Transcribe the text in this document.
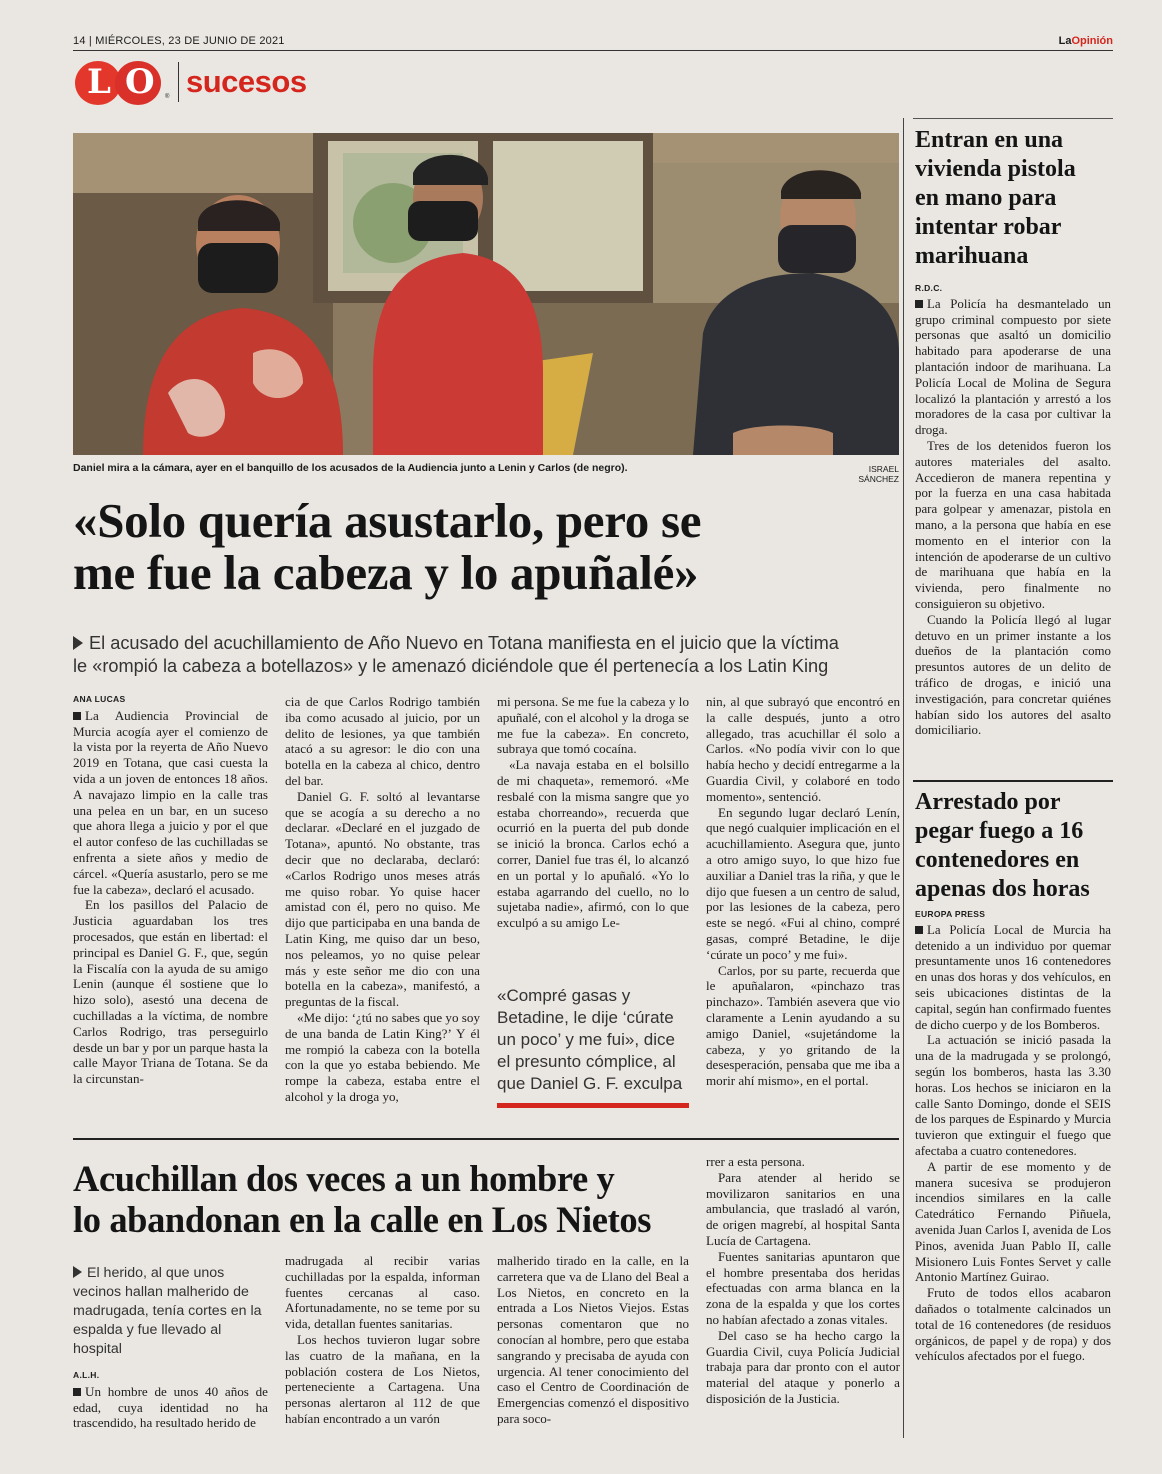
14 | MIÉRCOLES, 23 DE JUNIO DE 2021	LaOpinión
L O ® sucesos
Daniel mira a la cámara, ayer en el banquillo de los acusados de la Audiencia junto a Lenin y Carlos (de negro).	ISRAEL SÁNCHEZ
«Solo quería asustarlo, pero se
me fue la cabeza y lo apuñalé»
El acusado del acuchillamiento de Año Nuevo en Totana manifiesta en el juicio que la víctima
le «rompió la cabeza a botellazos» y le amenazó diciéndole que él pertenecía a los Latin King
ANA LUCAS

La Audiencia Provincial de Murcia acogía ayer el comienzo de la vista por la reyerta de Año Nuevo 2019 en Totana, que casi cuesta la vida a un joven de entonces 18 años. A navajazo limpio en la calle tras una pelea en un bar, en un suceso que ahora llega a juicio y por el que el autor confeso de las cuchilladas se enfrenta a siete años y medio de cárcel. «Quería asustarlo, pero se me fue la cabeza», declaró el acusado.

En los pasillos del Palacio de Justicia aguardaban los tres procesados, que están en libertad: el principal es Daniel G. F., que, según la Fiscalía con la ayuda de su amigo Lenin (aunque él sostiene que lo hizo solo), asestó una decena de cuchilladas a la víctima, de nombre Carlos Rodrigo, tras perseguirlo desde un bar y por un parque hasta la calle Mayor Triana de Totana. Se da la circunstan-

cia de que Carlos Rodrigo también iba como acusado al juicio, por un delito de lesiones, ya que también atacó a su agresor: le dio con una botella en la cabeza al chico, dentro del bar.

Daniel G. F. soltó al levantarse que se acogía a su derecho a no declarar. «Declaré en el juzgado de Totana», apuntó. No obstante, tras decir que no declaraba, declaró: «Carlos Rodrigo unos meses atrás me quiso robar. Yo quise hacer amistad con él, pero no quiso. Me dijo que participaba en una banda de Latin King, me quiso dar un beso, nos peleamos, yo no quise pelear más y este señor me dio con una botella en la cabeza», manifestó, a preguntas de la fiscal.

«Me dijo: ‘¿tú no sabes que yo soy de una banda de Latin King?’ Y él me rompió la cabeza con la botella con la que yo estaba bebiendo. Me rompe la cabeza, estaba entre el alcohol y la droga yo,

mi persona. Se me fue la cabeza y lo apuñalé, con el alcohol y la droga se me fue la cabeza». En concreto, subraya que tomó cocaína.

«La navaja estaba en el bolsillo de mi chaqueta», rememoró. «Me resbalé con la misma sangre que yo estaba chorreando», recuerda que ocurrió en la puerta del pub donde se inició la bronca. Carlos echó a correr, Daniel fue tras él, lo alcanzó en un portal y lo apuñaló. «Yo lo estaba agarrando del cuello, no lo sujetaba nadie», afirmó, con lo que exculpó a su amigo Le-

«Compré gasas y Betadine, le dije ‘cúrate un poco’ y me fui», dice el presunto cómplice, al que Daniel G. F. exculpa

nin, al que subrayó que encontró en la calle después, junto a otro allegado, tras acuchillar él solo a Carlos. «No podía vivir con lo que había hecho y decidí entregarme a la Guardia Civil, y colaboré en todo momento», sentenció.

En segundo lugar declaró Lenín, que negó cualquier implicación en el acuchillamiento. Asegura que, junto a otro amigo suyo, lo que hizo fue auxiliar a Daniel tras la riña, y que le dijo que fuesen a un centro de salud, por las lesiones de la cabeza, pero este se negó. «Fui al chino, compré gasas, compré Betadine, le dije ‘cúrate un poco’ y me fui».

Carlos, por su parte, recuerda que le apuñalaron, «pinchazo tras pinchazo». También asevera que vio claramente a Lenin ayudando a su amigo Daniel, «sujetándome la cabeza, y yo gritando de la desesperación, pensaba que me iba a morir ahí mismo», en el portal.

Entran en una vivienda pistola en mano para intentar robar marihuana
R.D.C.

La Policía ha desmantelado un grupo criminal compuesto por siete personas que asaltó un domicilio habitado para apoderarse de una plantación indoor de marihuana. La Policía Local de Molina de Segura localizó la plantación y arrestó a los moradores de la casa por cultivar la droga.

Tres de los detenidos fueron los autores materiales del asalto. Accedieron de manera repentina y por la fuerza en una casa habitada para golpear y amenazar, pistola en mano, a la persona que había en ese momento en el interior con la intención de apoderarse de un cultivo de marihuana que había en la vivienda, pero finalmente no consiguieron su objetivo.

Cuando la Policía llegó al lugar detuvo en un primer instante a los dueños de la plantación como presuntos autores de un delito de tráfico de drogas, e inició una investigación, para concretar quiénes habían sido los autores del asalto domiciliario.

Arrestado por pegar fuego a 16 contenedores en apenas dos horas
EUROPA PRESS

La Policía Local de Murcia ha detenido a un individuo por quemar presuntamente unos 16 contenedores en unas dos horas y dos vehículos, en seis ubicaciones distintas de la capital, según han confirmado fuentes de dicho cuerpo y de los Bomberos.

La actuación se inició pasada la una de la madrugada y se prolongó, según los bomberos, hasta las 3.30 horas. Los hechos se iniciaron en la calle Santo Domingo, donde el SEIS de los parques de Espinardo y Murcia tuvieron que extinguir el fuego que afectaba a cuatro contenedores.

A partir de ese momento y de manera sucesiva se produjeron incendios similares en la calle Catedrático Fernando Piñuela, avenida Juan Carlos I, avenida de Los Pinos, avenida Juan Pablo II, calle Misionero Luis Fontes Servet y calle Antonio Martínez Guirao.

Fruto de todos ellos acabaron dañados o totalmente calcinados un total de 16 contenedores (de residuos orgánicos, de papel y de ropa) y dos vehículos afectados por el fuego.

Acuchillan dos veces a un hombre y
lo abandonan en la calle en Los Nietos
El herido, al que unos vecinos hallan malherido de madrugada, tenía cortes en la espalda y fue llevado al hospital
A.L.H.

Un hombre de unos 40 años de edad, cuya identidad no ha trascendido, ha resultado herido de

madrugada al recibir varias cuchilladas por la espalda, informan fuentes cercanas al caso. Afortunadamente, no se teme por su vida, detallan fuentes sanitarias.

Los hechos tuvieron lugar sobre las cuatro de la mañana, en la población costera de Los Nietos, perteneciente a Cartagena. Una personas alertaron al 112 de que habían encontrado a un varón

malherido tirado en la calle, en la carretera que va de Llano del Beal a Los Nietos, en concreto en la entrada a Los Nietos Viejos. Estas personas comentaron que no conocían al hombre, pero que estaba sangrando y precisaba de ayuda con urgencia. Al tener conocimiento del caso el Centro de Coordinación de Emergencias comenzó el dispositivo para soco-

rrer a esta persona.

Para atender al herido se movilizaron sanitarios en una ambulancia, que trasladó al varón, de origen magrebí, al hospital Santa Lucía de Cartagena.

Fuentes sanitarias apuntaron que el hombre presentaba dos heridas efectuadas con arma blanca en la zona de la espalda y que los cortes no habían afectado a zonas vitales.

Del caso se ha hecho cargo la Guardia Civil, cuya Policía Judicial trabaja para dar pronto con el autor material del ataque y ponerlo a disposición de la Justicia.
